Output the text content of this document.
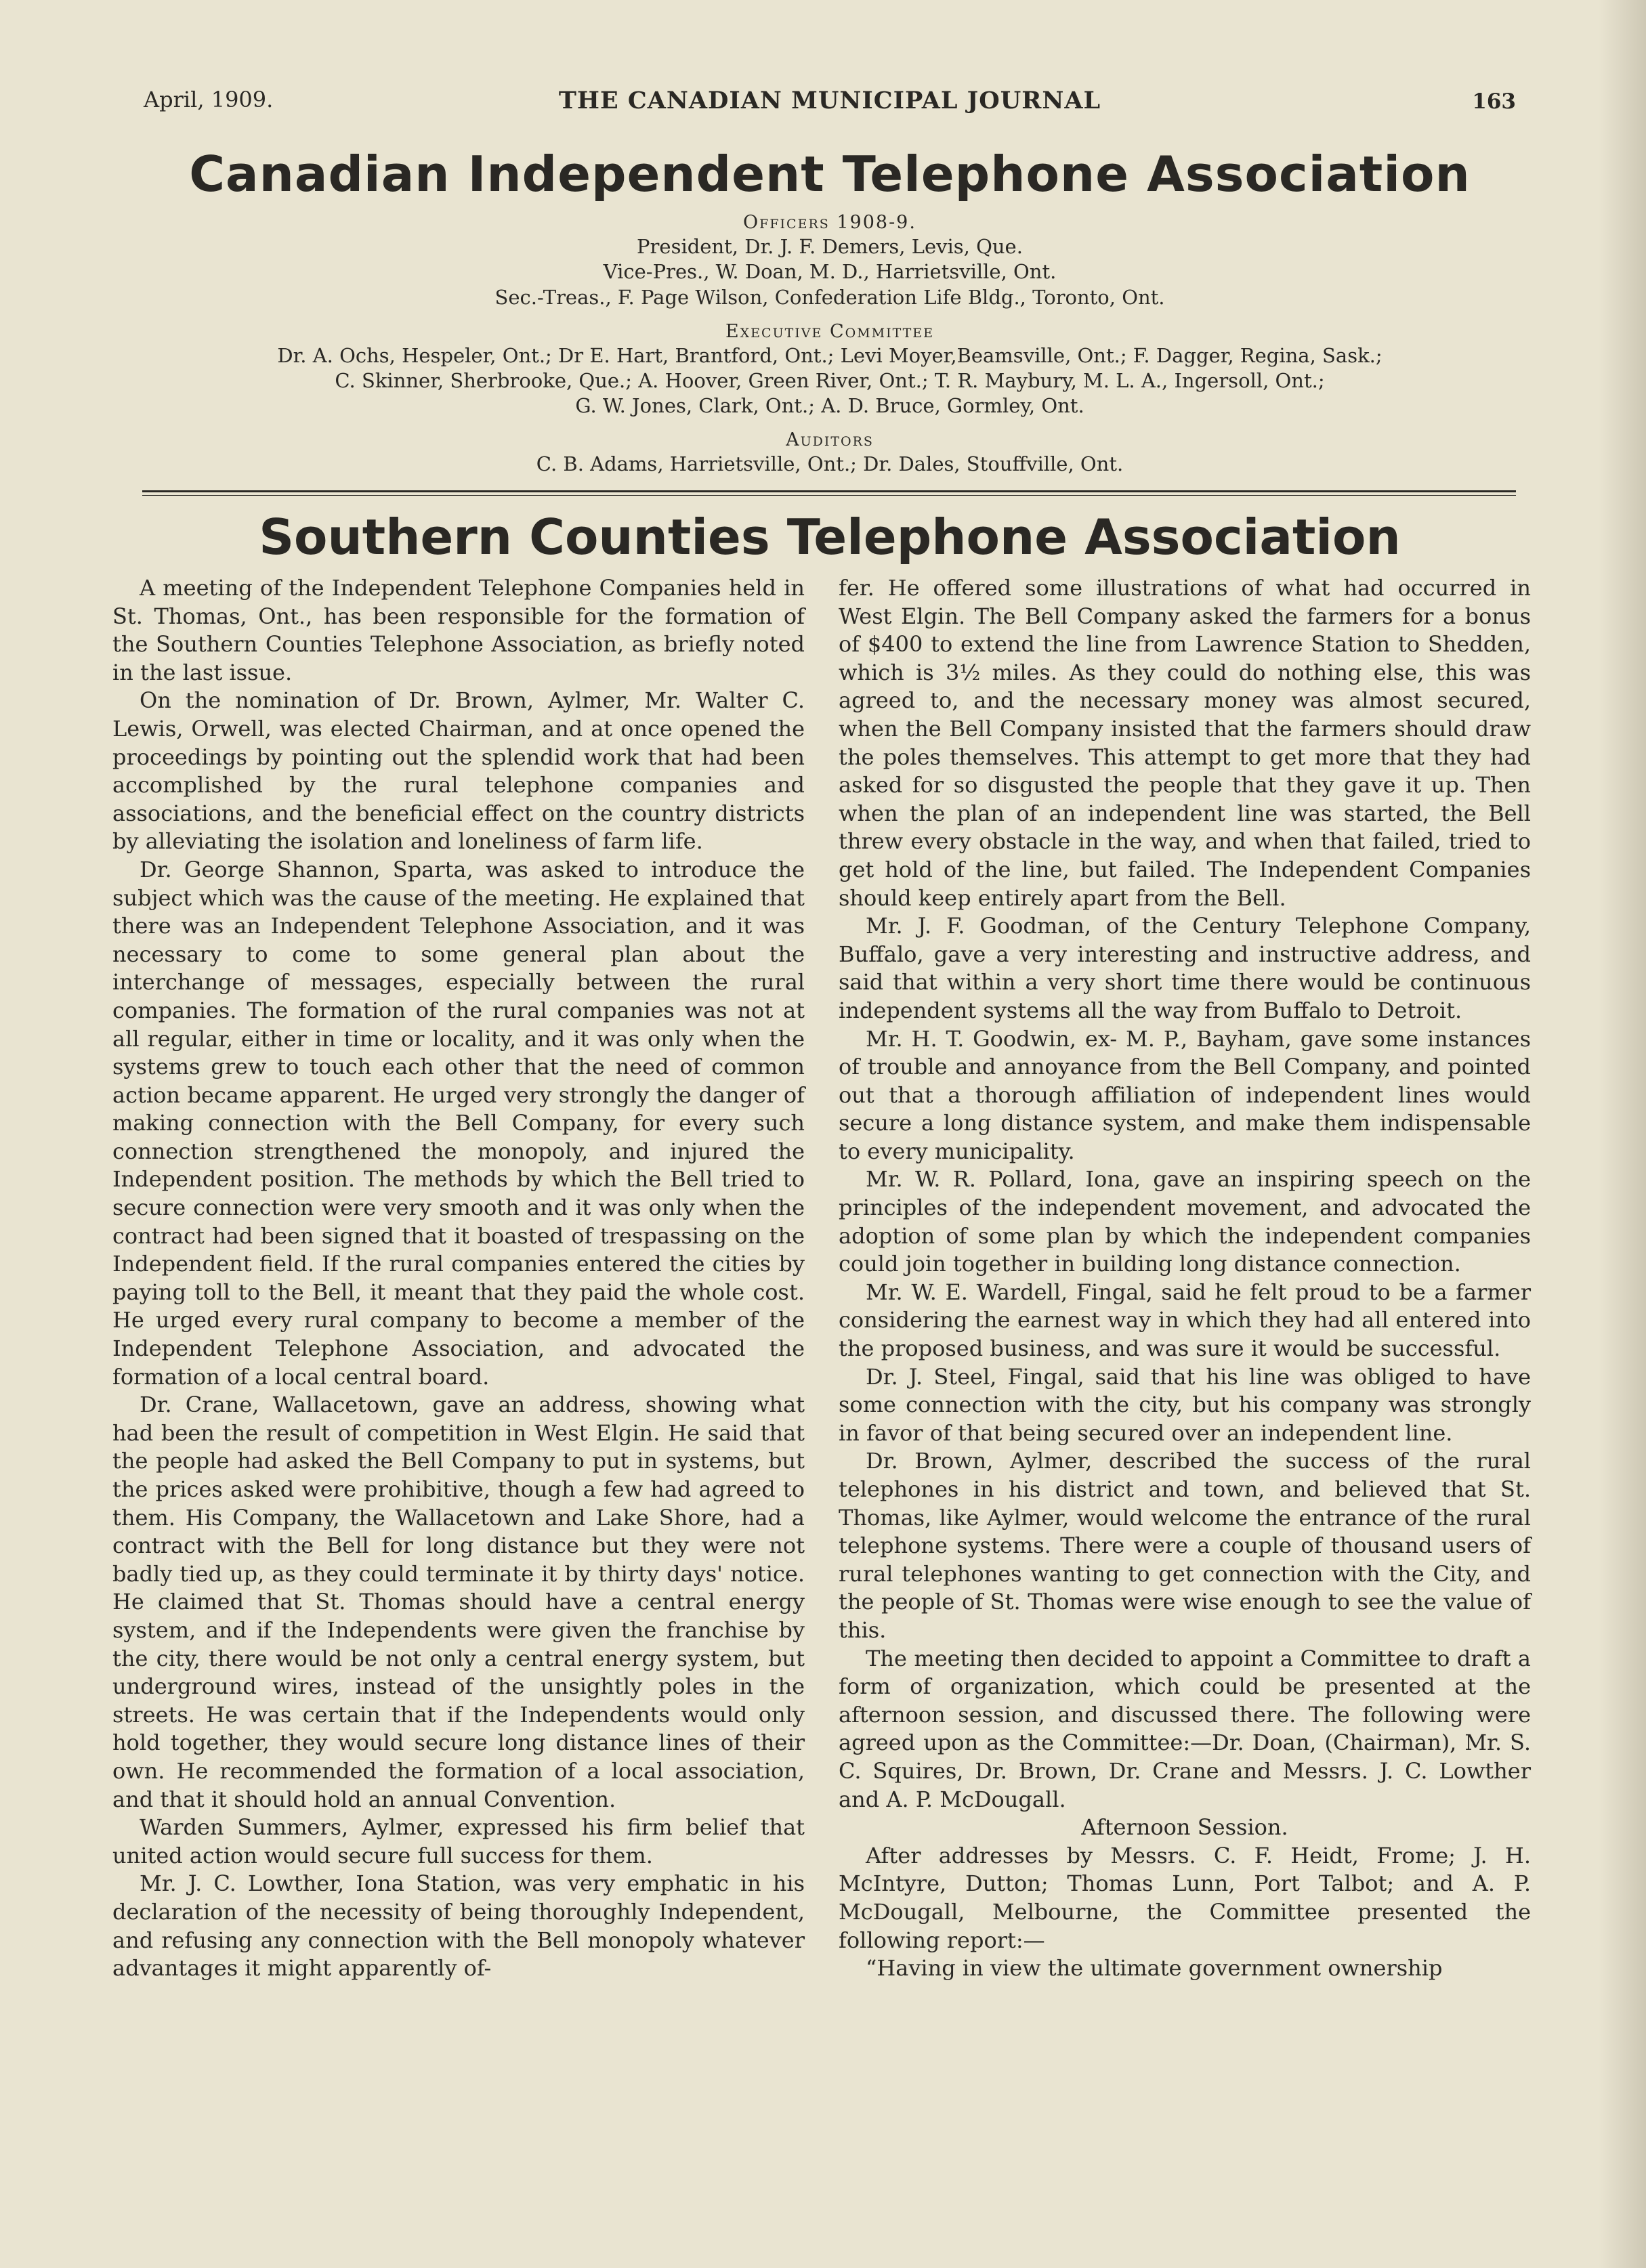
April, 1909.	THE CANADIAN MUNICIPAL JOURNAL	163
Canadian Independent Telephone Association

Officers 1908-9.

President, Dr. J. F. Demers, Levis, Que.

Vice-Pres., W. Doan, M. D., Harrietsville, Ont.

Sec.-Treas., F. Page Wilson, Confederation Life Bldg., Toronto, Ont.

Executive Committee

Dr. A. Ochs, Hespeler, Ont.; Dr E. Hart, Brantford, Ont.; Levi Moyer,Beamsville, Ont.; F. Dagger, Regina, Sask.;

C. Skinner, Sherbrooke, Que.; A. Hoover, Green River, Ont.; T. R. Maybury, M. L. A., Ingersoll, Ont.;

G. W. Jones, Clark, Ont.; A. D. Bruce, Gormley, Ont.

Auditors

C. B. Adams, Harrietsville, Ont.; Dr. Dales, Stouffville, Ont.

Southern Counties Telephone Association

A meeting of the Independent Telephone Companies held in St. Thomas, Ont., has been responsible for the formation of the Southern Counties Telephone Association, as briefly noted in the last issue.

On the nomination of Dr. Brown, Aylmer, Mr. Walter C. Lewis, Orwell, was elected Chairman, and at once opened the proceedings by pointing out the splendid work that had been accomplished by the rural telephone companies and associations, and the beneficial effect on the country districts by alleviating the isolation and loneliness of farm life.

Dr. George Shannon, Sparta, was asked to introduce the subject which was the cause of the meeting. He explained that there was an Independent Telephone Association, and it was necessary to come to some general plan about the interchange of messages, especially between the rural companies. The formation of the rural companies was not at all regular, either in time or locality, and it was only when the systems grew to touch each other that the need of common action became apparent. He urged very strongly the danger of making connection with the Bell Company, for every such connection strengthened the monopoly, and injured the Independent position. The methods by which the Bell tried to secure connection were very smooth and it was only when the contract had been signed that it boasted of trespassing on the Independent field. If the rural companies entered the cities by paying toll to the Bell, it meant that they paid the whole cost. He urged every rural company to become a member of the Independent Telephone Association, and advocated the formation of a local central board.

Dr. Crane, Wallacetown, gave an address, showing what had been the result of competition in West Elgin. He said that the people had asked the Bell Company to put in systems, but the prices asked were prohibitive, though a few had agreed to them. His Company, the Wallacetown and Lake Shore, had a contract with the Bell for long distance but they were not badly tied up, as they could terminate it by thirty days' notice. He claimed that St. Thomas should have a central energy system, and if the Independents were given the franchise by the city, there would be not only a central energy system, but underground wires, instead of the unsightly poles in the streets. He was certain that if the Independents would only hold together, they would secure long distance lines of their own. He recommended the formation of a local association, and that it should hold an annual Convention.

Warden Summers, Aylmer, expressed his firm belief that united action would secure full success for them.

Mr. J. C. Lowther, Iona Station, was very emphatic in his declaration of the necessity of being thoroughly Independent, and refusing any connection with the Bell monopoly whatever advantages it might apparently of-

fer. He offered some illustrations of what had occurred in West Elgin. The Bell Company asked the farmers for a bonus of $400 to extend the line from Lawrence Station to Shedden, which is 3½ miles. As they could do nothing else, this was agreed to, and the necessary money was almost secured, when the Bell Company insisted that the farmers should draw the poles themselves. This attempt to get more that they had asked for so disgusted the people that they gave it up. Then when the plan of an independent line was started, the Bell threw every obstacle in the way, and when that failed, tried to get hold of the line, but failed. The Independent Companies should keep entirely apart from the Bell.

Mr. J. F. Goodman, of the Century Telephone Company, Buffalo, gave a very interesting and instructive address, and said that within a very short time there would be continuous independent systems all the way from Buffalo to Detroit.

Mr. H. T. Goodwin, ex- M. P., Bayham, gave some instances of trouble and annoyance from the Bell Company, and pointed out that a thorough affiliation of independent lines would secure a long distance system, and make them indispensable to every municipality.

Mr. W. R. Pollard, Iona, gave an inspiring speech on the principles of the independent movement, and advocated the adoption of some plan by which the independent companies could join together in building long distance connection.

Mr. W. E. Wardell, Fingal, said he felt proud to be a farmer considering the earnest way in which they had all entered into the proposed business, and was sure it would be successful.

Dr. J. Steel, Fingal, said that his line was obliged to have some connection with the city, but his company was strongly in favor of that being secured over an independent line.

Dr. Brown, Aylmer, described the success of the rural telephones in his district and town, and believed that St. Thomas, like Aylmer, would welcome the entrance of the rural telephone systems. There were a couple of thousand users of rural telephones wanting to get connection with the City, and the people of St. Thomas were wise enough to see the value of this.

The meeting then decided to appoint a Committee to draft a form of organization, which could be presented at the afternoon session, and discussed there. The following were agreed upon as the Committee:—Dr. Doan, (Chairman), Mr. S. C. Squires, Dr. Brown, Dr. Crane and Messrs. J. C. Lowther and A. P. McDougall.

Afternoon Session.

After addresses by Messrs. C. F. Heidt, Frome; J. H. McIntyre, Dutton; Thomas Lunn, Port Talbot; and A. P. McDougall, Melbourne, the Committee presented the following report:—

“Having in view the ultimate government ownership
